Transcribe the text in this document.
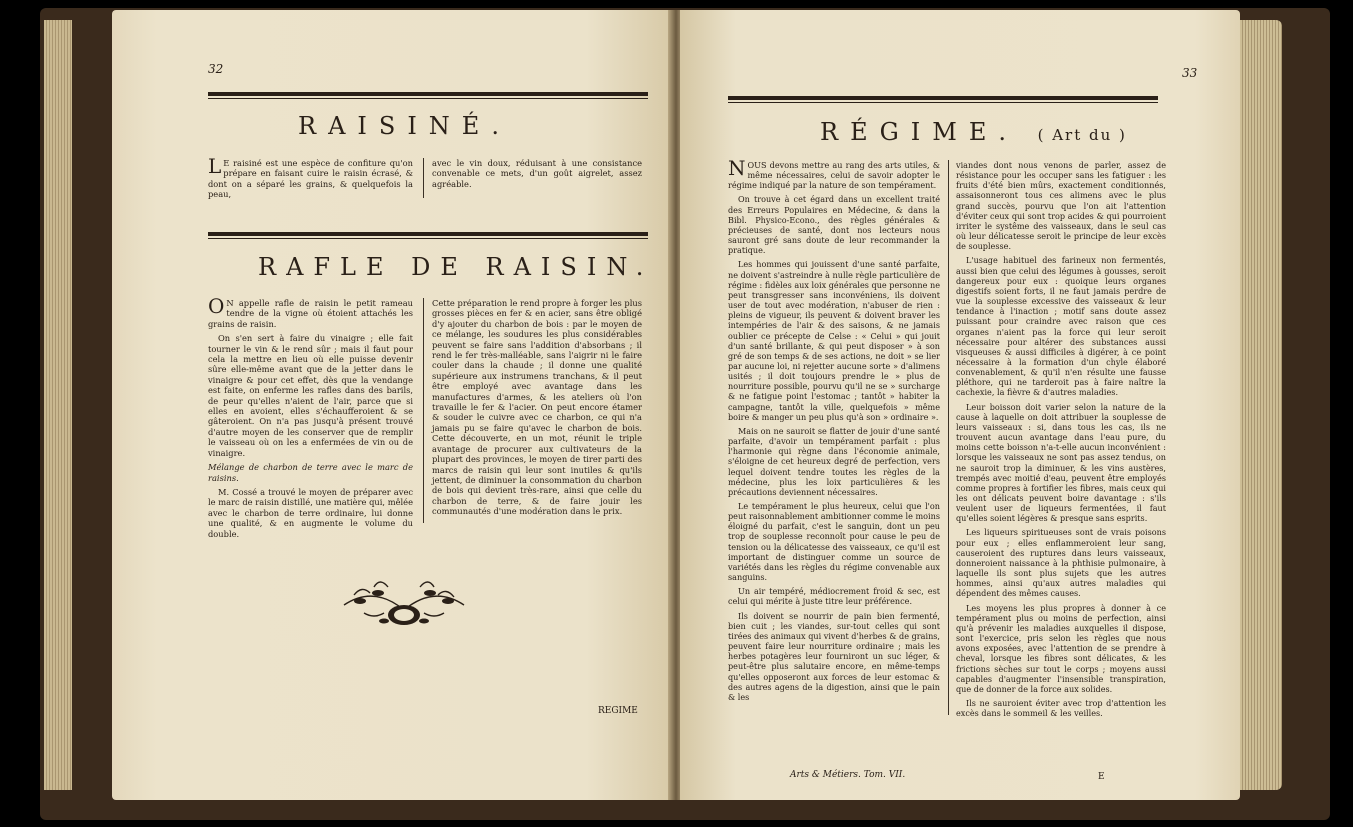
32
RAISINÉ.

L E raisiné est une espèce de confiture qu'on prépare en faisant cuire le raisin écrasé, & dont on a séparé les grains, & quelquefois la peau,

avec le vin doux, réduisant à une consistance convenable ce mets, d'un goût aigrelet, assez agréable.

RAFLE DE RAISIN.

O N appelle rafle de raisin le petit rameau tendre de la vigne où étoient attachés les grains de raisin.

On s'en sert à faire du vinaigre ; elle fait tourner le vin & le rend sûr ; mais il faut pour cela la mettre en lieu où elle puisse devenir sûre elle-même avant que de la jetter dans le vinaigre & pour cet effet, dès que la vendange est faite, on enferme les rafles dans des barils, de peur qu'elles n'aient de l'air, parce que si elles en avoient, elles s'échaufferoient & se gâteroient. On n'a pas jusqu'à présent trouvé d'autre moyen de les conserver que de remplir le vaisseau où on les a enfermées de vin ou de vinaigre.

Mélange de charbon de terre avec le marc de raisins.

M. Cossé a trouvé le moyen de préparer avec le marc de raisin distillé, une matière qui, mêlée avec le charbon de terre ordinaire, lui donne une qualité, & en augmente le volume du double.

Cette préparation le rend propre à forger les plus grosses pièces en fer & en acier, sans être obligé d'y ajouter du charbon de bois : par le moyen de ce mélange, les soudures les plus considérables peuvent se faire sans l'addition d'absorbans ; il rend le fer très-malléable, sans l'aigrir ni le faire couler dans la chaude ; il donne une qualité supérieure aux instrumens tranchans, & il peut être employé avec avantage dans les manufactures d'armes, & les ateliers où l'on travaille le fer & l'acier. On peut encore étamer & souder le cuivre avec ce charbon, ce qui n'a jamais pu se faire qu'avec le charbon de bois. Cette découverte, en un mot, réunit le triple avantage de procurer aux cultivateurs de la plupart des provinces, le moyen de tirer parti des marcs de raisin qui leur sont inutiles & qu'ils jettent, de diminuer la consommation du charbon de bois qui devient très-rare, ainsi que celle du charbon de terre, & de faire jouir les communautés d'une modération dans le prix.

REGIME
33
RÉGIME. ( Art du )

NOUS devons mettre au rang des arts utiles, & même nécessaires, celui de savoir adopter le régime indiqué par la nature de son tempérament.

On trouve à cet égard dans un excellent traité des Erreurs Populaires en Médecine, & dans la Bibl. Physico-Econo., des règles générales & précieuses de santé, dont nos lecteurs nous sauront gré sans doute de leur recommander la pratique.

Les hommes qui jouissent d'une santé parfaite, ne doivent s'astreindre à nulle règle particulière de régime : fidèles aux loix générales que personne ne peut transgresser sans inconvéniens, ils doivent user de tout avec modération, n'abuser de rien : pleins de vigueur, ils peuvent & doivent braver les intempéries de l'air & des saisons, & ne jamais oublier ce précepte de Celse : « Celui » qui jouit d'un santé brillante, & qui peut disposer » à son gré de son temps & de ses actions, ne doit » se lier par aucune loi, ni rejetter aucune sorte » d'alimens usités ; il doit toujours prendre le » plus de nourriture possible, pourvu qu'il ne se » surcharge & ne fatigue point l'estomac ; tantôt » habiter la campagne, tantôt la ville, quelquefois » même boire & manger un peu plus qu'à son » ordinaire ».

Mais on ne sauroit se flatter de jouir d'une santé parfaite, d'avoir un tempérament parfait : plus l'harmonie qui règne dans l'économie animale, s'éloigne de cet heureux degré de perfection, vers lequel doivent tendre toutes les règles de la médecine, plus les loix particulières & les précautions deviennent nécessaires.

Le tempérament le plus heureux, celui que l'on peut raisonnablement ambitionner comme le moins éloigné du parfait, c'est le sanguin, dont un peu trop de souplesse reconnoît pour cause le peu de tension ou la délicatesse des vaisseaux, ce qu'il est important de distinguer comme un source de variétés dans les règles du régime convenable aux sanguins.

Un air tempéré, médiocrement froid & sec, est celui qui mérite à juste titre leur préférence.

Ils doivent se nourrir de pain bien fermenté, bien cuit ; les viandes, sur-tout celles qui sont tirées des animaux qui vivent d'herbes & de grains, peuvent faire leur nourriture ordinaire ; mais les herbes potagères leur fourniront un suc léger, & peut-être plus salutaire encore, en même-temps qu'elles opposeront aux forces de leur estomac & des autres agens de la digestion, ainsi que le pain & les

viandes dont nous venons de parler, assez de résistance pour les occuper sans les fatiguer : les fruits d'été bien mûrs, exactement conditionnés, assaisonneront tous ces alimens avec le plus grand succès, pourvu que l'on ait l'attention d'éviter ceux qui sont trop acides & qui pourroient irriter le systême des vaisseaux, dans le seul cas où leur délicatesse seroit le principe de leur excès de souplesse.

L'usage habituel des farineux non fermentés, aussi bien que celui des légumes à gousses, seroit dangereux pour eux : quoique leurs organes digestifs soient forts, il ne faut jamais perdre de vue la souplesse excessive des vaisseaux & leur tendance à l'inaction ; motif sans doute assez puissant pour craindre avec raison que ces organes n'aient pas la force qui leur seroit nécessaire pour altérer des substances aussi visqueuses & aussi difficiles à digérer, à ce point nécessaire à la formation d'un chyle élaboré convenablement, & qu'il n'en résulte une fausse pléthore, qui ne tarderoit pas à faire naître la cachexie, la fièvre & d'autres maladies.

Leur boisson doit varier selon la nature de la cause à laquelle on doit attribuer la souplesse de leurs vaisseaux : si, dans tous les cas, ils ne trouvent aucun avantage dans l'eau pure, du moins cette boisson n'a-t-elle aucun inconvénient : lorsque les vaisseaux ne sont pas assez tendus, on ne sauroit trop la diminuer, & les vins austères, trempés avec moitié d'eau, peuvent être employés comme propres à fortifier les fibres, mais ceux qui les ont délicats peuvent boire davantage : s'ils veulent user de liqueurs fermentées, il faut qu'elles soient légères & presque sans esprits.

Les liqueurs spiritueuses sont de vrais poisons pour eux ; elles enflammeroient leur sang, causeroient des ruptures dans leurs vaisseaux, donneroient naissance à la phthisie pulmonaire, à laquelle ils sont plus sujets que les autres hommes, ainsi qu'aux autres maladies qui dépendent des mêmes causes.

Les moyens les plus propres à donner à ce tempérament plus ou moins de perfection, ainsi qu'à prévenir les maladies auxquelles il dispose, sont l'exercice, pris selon les règles que nous avons exposées, avec l'attention de se prendre à cheval, lorsque les fibres sont délicates, & les frictions sèches sur tout le corps ; moyens aussi capables d'augmenter l'insensible transpiration, que de donner de la force aux solides.

Ils ne sauroient éviter avec trop d'attention les excès dans le sommeil & les veilles.

Arts & Métiers. Tom. VII.	E
